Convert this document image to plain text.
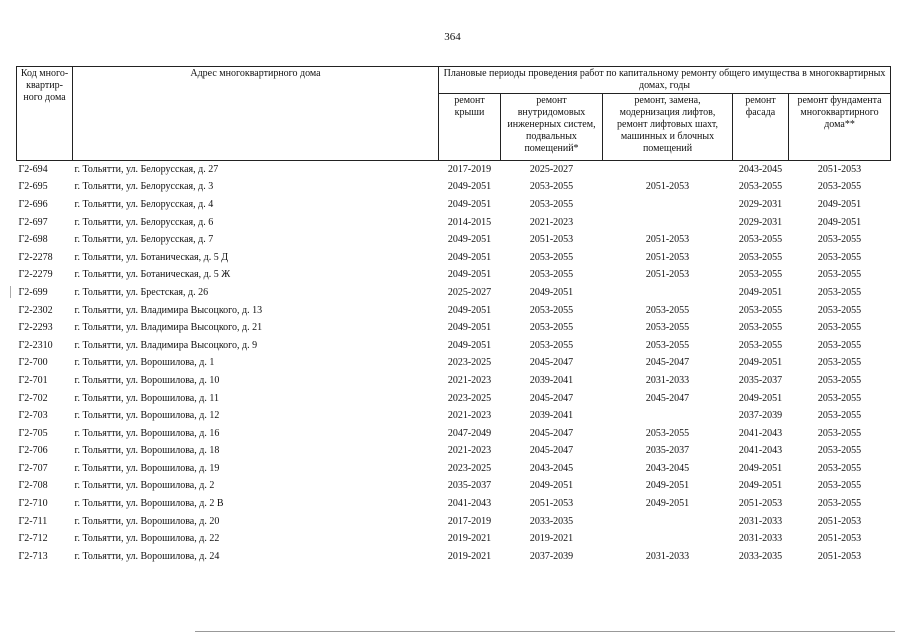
364
Код много-квартир-ного дома	Адрес многоквартирного дома	Плановые периоды проведения работ по капитальному ремонту общего имущества в многоквартирных домах, годы				
		ремонт крыши	ремонт внутридомовых инженерных систем, подвальных помещений*	ремонт, замена, модернизация лифтов, ремонт лифтовых шахт, машинных и блочных помещений	ремонт фасада	ремонт фундамента многоквартирного дома**
Г2-694	г. Тольятти, ул. Белорусская, д. 27	2017-2019	2025-2027		2043-2045	2051-2053
Г2-695	г. Тольятти, ул. Белорусская, д. 3	2049-2051	2053-2055	2051-2053	2053-2055	2053-2055
Г2-696	г. Тольятти, ул. Белорусская, д. 4	2049-2051	2053-2055		2029-2031	2049-2051
Г2-697	г. Тольятти, ул. Белорусская, д. 6	2014-2015	2021-2023		2029-2031	2049-2051
Г2-698	г. Тольятти, ул. Белорусская, д. 7	2049-2051	2051-2053	2051-2053	2053-2055	2053-2055
Г2-2278	г. Тольятти, ул. Ботаническая, д. 5 Д	2049-2051	2053-2055	2051-2053	2053-2055	2053-2055
Г2-2279	г. Тольятти, ул. Ботаническая, д. 5 Ж	2049-2051	2053-2055	2051-2053	2053-2055	2053-2055
Г2-699	г. Тольятти, ул. Брестская, д. 26	2025-2027	2049-2051		2049-2051	2053-2055
Г2-2302	г. Тольятти, ул. Владимира Высоцкого, д. 13	2049-2051	2053-2055	2053-2055	2053-2055	2053-2055
Г2-2293	г. Тольятти, ул. Владимира Высоцкого, д. 21	2049-2051	2053-2055	2053-2055	2053-2055	2053-2055
Г2-2310	г. Тольятти, ул. Владимира Высоцкого, д. 9	2049-2051	2053-2055	2053-2055	2053-2055	2053-2055
Г2-700	г. Тольятти, ул. Ворошилова, д. 1	2023-2025	2045-2047	2045-2047	2049-2051	2053-2055
Г2-701	г. Тольятти, ул. Ворошилова, д. 10	2021-2023	2039-2041	2031-2033	2035-2037	2053-2055
Г2-702	г. Тольятти, ул. Ворошилова, д. 11	2023-2025	2045-2047	2045-2047	2049-2051	2053-2055
Г2-703	г. Тольятти, ул. Ворошилова, д. 12	2021-2023	2039-2041		2037-2039	2053-2055
Г2-705	г. Тольятти, ул. Ворошилова, д. 16	2047-2049	2045-2047	2053-2055	2041-2043	2053-2055
Г2-706	г. Тольятти, ул. Ворошилова, д. 18	2021-2023	2045-2047	2035-2037	2041-2043	2053-2055
Г2-707	г. Тольятти, ул. Ворошилова, д. 19	2023-2025	2043-2045	2043-2045	2049-2051	2053-2055
Г2-708	г. Тольятти, ул. Ворошилова, д. 2	2035-2037	2049-2051	2049-2051	2049-2051	2053-2055
Г2-710	г. Тольятти, ул. Ворошилова, д. 2 В	2041-2043	2051-2053	2049-2051	2051-2053	2053-2055
Г2-711	г. Тольятти, ул. Ворошилова, д. 20	2017-2019	2033-2035		2031-2033	2051-2053
Г2-712	г. Тольятти, ул. Ворошилова, д. 22	2019-2021	2019-2021		2031-2033	2051-2053
Г2-713	г. Тольятти, ул. Ворошилова, д. 24	2019-2021	2037-2039	2031-2033	2033-2035	2051-2053
